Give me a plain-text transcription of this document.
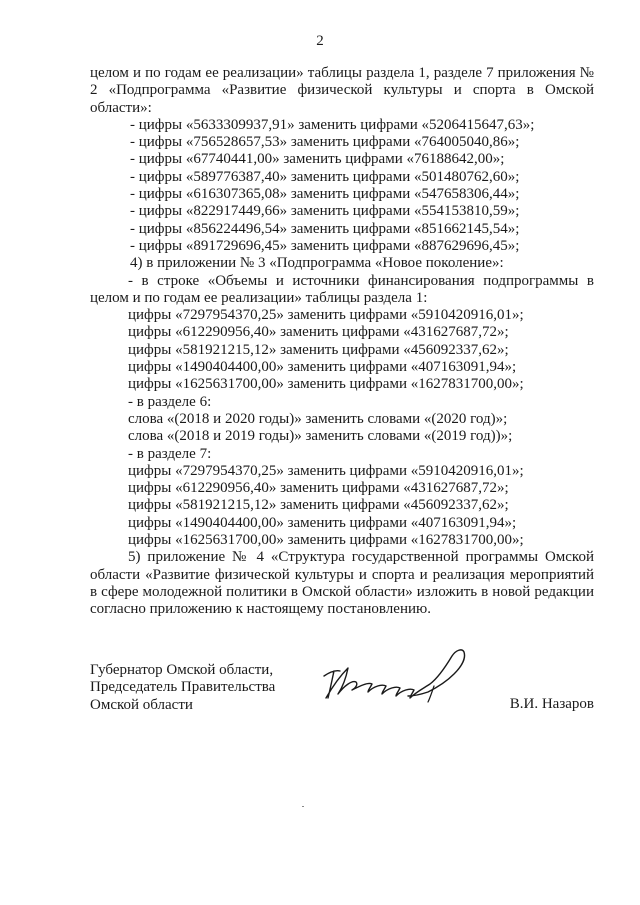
2

целом и по годам ее реализации» таблицы раздела 1, разделе 7 приложения № 2 «Подпрограмма «Развитие физической культуры и спорта в Омской области»:

- цифры «5633309937,91» заменить цифрами «5206415647,63»;

- цифры «756528657,53» заменить цифрами «764005040,86»;

- цифры «67740441,00» заменить цифрами «76188642,00»;

- цифры «589776387,40» заменить цифрами «501480762,60»;

- цифры «616307365,08» заменить цифрами «547658306,44»;

- цифры «822917449,66» заменить цифрами «554153810,59»;

- цифры «856224496,54» заменить цифрами «851662145,54»;

- цифры «891729696,45» заменить цифрами «887629696,45»;

4) в приложении № 3 «Подпрограмма «Новое поколение»:

- в строке «Объемы и источники финансирования подпрограммы в целом и по годам ее реализации» таблицы раздела 1:

цифры «7297954370,25» заменить цифрами «5910420916,01»;

цифры «612290956,40» заменить цифрами «431627687,72»;

цифры «581921215,12» заменить цифрами «456092337,62»;

цифры «1490404400,00» заменить цифрами «407163091,94»;

цифры «1625631700,00» заменить цифрами «1627831700,00»;

- в разделе 6:

слова «(2018 и 2020 годы)» заменить словами «(2020 год)»;

слова «(2018 и 2019 годы)» заменить словами «(2019 год))»;

- в разделе 7:

цифры «7297954370,25» заменить цифрами «5910420916,01»;

цифры «612290956,40» заменить цифрами «431627687,72»;

цифры «581921215,12» заменить цифрами «456092337,62»;

цифры «1490404400,00» заменить цифрами «407163091,94»;

цифры «1625631700,00» заменить цифрами «1627831700,00»;

5) приложение № 4 «Структура государственной программы Омской области «Развитие физической культуры и спорта и реализация мероприятий в сфере молодежной политики в Омской области» изложить в новой редакции согласно приложению к настоящему постановлению.

Губернатор Омской области,
Председатель Правительства
Омской области	В.И. Назаров
